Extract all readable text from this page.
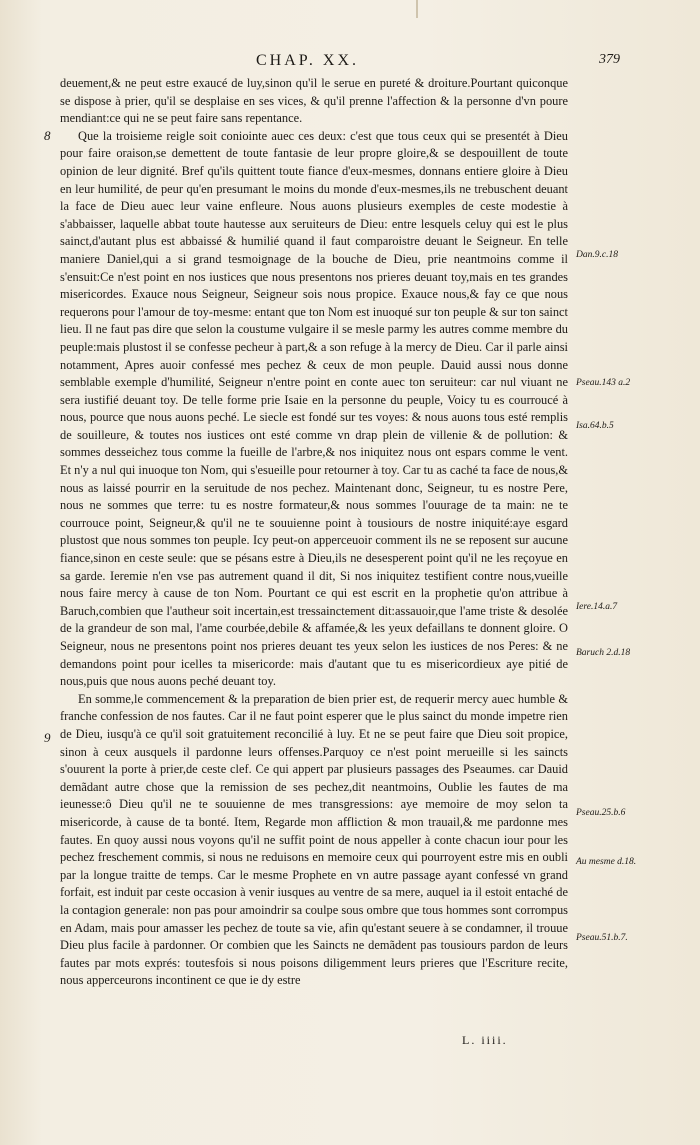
CHAP. XX.	379
8
9

deuement,& ne peut estre exaucé de luy,sinon qu'il le serue en pureté & droiture.Pourtant quiconque se dispose à prier, qu'il se desplaise en ses vices, & qu'il prenne l'affection & la personne d'vn poure mendiant:ce qui ne se peut faire sans repentance.

Que la troisieme reigle soit coniointe auec ces deux: c'est que tous ceux qui se presentét à Dieu pour faire oraison,se demettent de toute fantasie de leur propre gloire,& se despouillent de toute opinion de leur dignité. Bref qu'ils quittent toute fiance d'eux-mesmes, donnans entiere gloire à Dieu en leur humilité, de peur qu'en presumant le moins du monde d'eux-mesmes,ils ne trebuschent deuant la face de Dieu auec leur vaine enfleure. Nous auons plusieurs exemples de ceste modestie à s'abbaisser, laquelle abbat toute hautesse aux seruiteurs de Dieu: entre lesquels celuy qui est le plus sainct,d'autant plus est abbaissé & humilié quand il faut comparoistre deuant le Seigneur. En telle maniere Daniel,qui a si grand tesmoignage de la bouche de Dieu, prie neantmoins comme il s'ensuit:Ce n'est point en nos iustices que nous presentons nos prieres deuant toy,mais en tes grandes misericordes. Exauce nous Seigneur, Seigneur sois nous propice. Exauce nous,& fay ce que nous requerons pour l'amour de toy-mesme: entant que ton Nom est inuoqué sur ton peuple & sur ton sainct lieu. Il ne faut pas dire que selon la coustume vulgaire il se mesle parmy les autres comme membre du peuple:mais plustost il se confesse pecheur à part,& a son refuge à la mercy de Dieu. Car il parle ainsi notamment, Apres auoir confessé mes pechez & ceux de mon peuple. Dauid aussi nous donne semblable exemple d'humilité, Seigneur n'entre point en conte auec ton seruiteur: car nul viuant ne sera iustifié deuant toy. De telle forme prie Isaie en la personne du peuple, Voicy tu es courroucé à nous, pource que nous auons peché. Le siecle est fondé sur tes voyes: & nous auons tous esté remplis de souilleure, & toutes nos iustices ont esté comme vn drap plein de villenie & de pollution: & sommes desseichez tous comme la fueille de l'arbre,& nos iniquitez nous ont espars comme le vent. Et n'y a nul qui inuoque ton Nom, qui s'esueille pour retourner à toy. Car tu as caché ta face de nous,& nous as laissé pourrir en la seruitude de nos pechez. Maintenant donc, Seigneur, tu es nostre Pere, nous ne sommes que terre: tu es nostre formateur,& nous sommes l'ouurage de ta main: ne te courrouce point, Seigneur,& qu'il ne te souuienne point à tousiours de nostre iniquité:aye esgard plustost que nous sommes ton peuple. Icy peut-on apperceuoir comment ils ne se reposent sur aucune fiance,sinon en ceste seule: que se pésans estre à Dieu,ils ne desesperent point qu'il ne les reçoyue en sa garde. Ieremie n'en vse pas autrement quand il dit, Si nos iniquitez testifient contre nous,vueille nous faire mercy à cause de ton Nom. Pourtant ce qui est escrit en la prophetie qu'on attribue à Baruch,combien que l'autheur soit incertain,est tressainctement dit:assauoir,que l'ame triste & desolée de la grandeur de son mal, l'ame courbée,debile & affamée,& les yeux defaillans te donnent gloire. O Seigneur, nous ne presentons point nos prieres deuant tes yeux selon les iustices de nos Peres: & ne demandons point pour icelles ta misericorde: mais d'autant que tu es misericordieux aye pitié de nous,puis que nous auons peché deuant toy.

En somme,le commencement & la preparation de bien prier est, de requerir mercy auec humble & franche confession de nos fautes. Car il ne faut point esperer que le plus sainct du monde impetre rien de Dieu, iusqu'à ce qu'il soit gratuitement reconcilié à luy. Et ne se peut faire que Dieu soit propice, sinon à ceux ausquels il pardonne leurs offenses.Parquoy ce n'est point merueille si les saincts s'ouurent la porte à prier,de ceste clef. Ce qui appert par plusieurs passages des Pseaumes. car Dauid demãdant autre chose que la remission de ses pechez,dit neantmoins, Oublie les fautes de ma ieunesse:ô Dieu qu'il ne te souuienne de mes transgressions: aye memoire de moy selon ta misericorde, à cause de ta bonté. Item, Regarde mon affliction & mon trauail,& me pardonne mes fautes. En quoy aussi nous voyons qu'il ne suffit point de nous appeller à conte chacun iour pour les pechez freschement commis, si nous ne reduisons en memoire ceux qui pourroyent estre mis en oubli par la longue traitte de temps. Car le mesme Prophete en vn autre passage ayant confessé vn grand forfait, est induit par ceste occasion à venir iusques au ventre de sa mere, auquel ia il estoit entaché de la contagion generale: non pas pour amoindrir sa coulpe sous ombre que tous hommes sont corrompus en Adam, mais pour amasser les pechez de toute sa vie, afin qu'estant seuere à se condamner, il trouue Dieu plus facile à pardonner. Or combien que les Saincts ne demãdent pas tousiours pardon de leurs fautes par mots exprés: toutesfois si nous poisons diligemment leurs prieres que l'Escriture recite, nous apperceurons incontinent ce que ie dy estre

Dan.9.c.18
Pseau.143 a.2
Isa.64.b.5
Iere.14.a.7
Baruch 2.d.18
Pseau.25.b.6
Au mesme d.18.
Pseau.51.b.7.
L. iiii.
